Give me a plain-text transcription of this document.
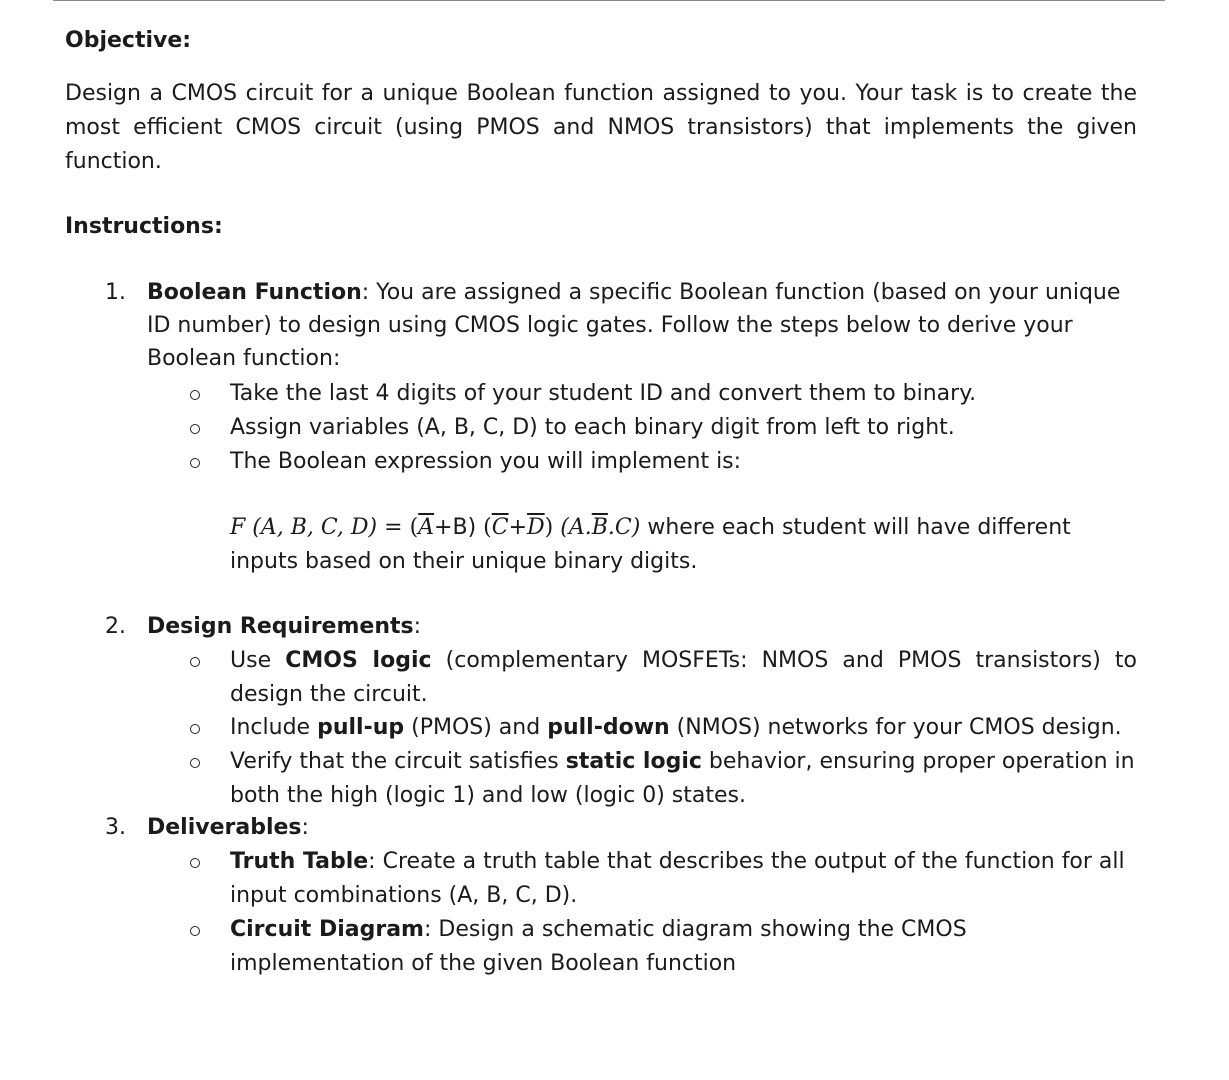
Objective:
Design a CMOS circuit for a unique Boolean function assigned to you. Your task is to create the most efficient CMOS circuit (using PMOS and NMOS transistors) that implements the given function.
Instructions:
1. Boolean Function: You are assigned a specific Boolean function (based on your unique ID number) to design using CMOS logic gates. Follow the steps below to derive your Boolean function:
Take the last 4 digits of your student ID and convert them to binary.
Assign variables (A, B, C, D) to each binary digit from left to right.
The Boolean expression you will implement is:
F (A, B, C, $D) = (\overline{A}+B)$ $(\overline{C}+\overline{D})$ $(A.\overline{B}.C)$ where each student will have different inputs based on their unique binary digits.
2. Design Requirements:
Use CMOS logic (complementary MOSFETs: NMOS and PMOS transistors) to design the circuit.
Include pull-up (PMOS) and pull-down (NMOS) networks for your CMOS design.
Verify that the circuit satisfies static logic behavior, ensuring proper operation in both the high (logic 1) and low (logic 0) states.
3. Deliverables:
Truth Table: Create a truth table that describes the output of the function for all input combinations (A, B, C, D).
Circuit Diagram: Design a schematic diagram showing the CMOS implementation of the given Boolean function
